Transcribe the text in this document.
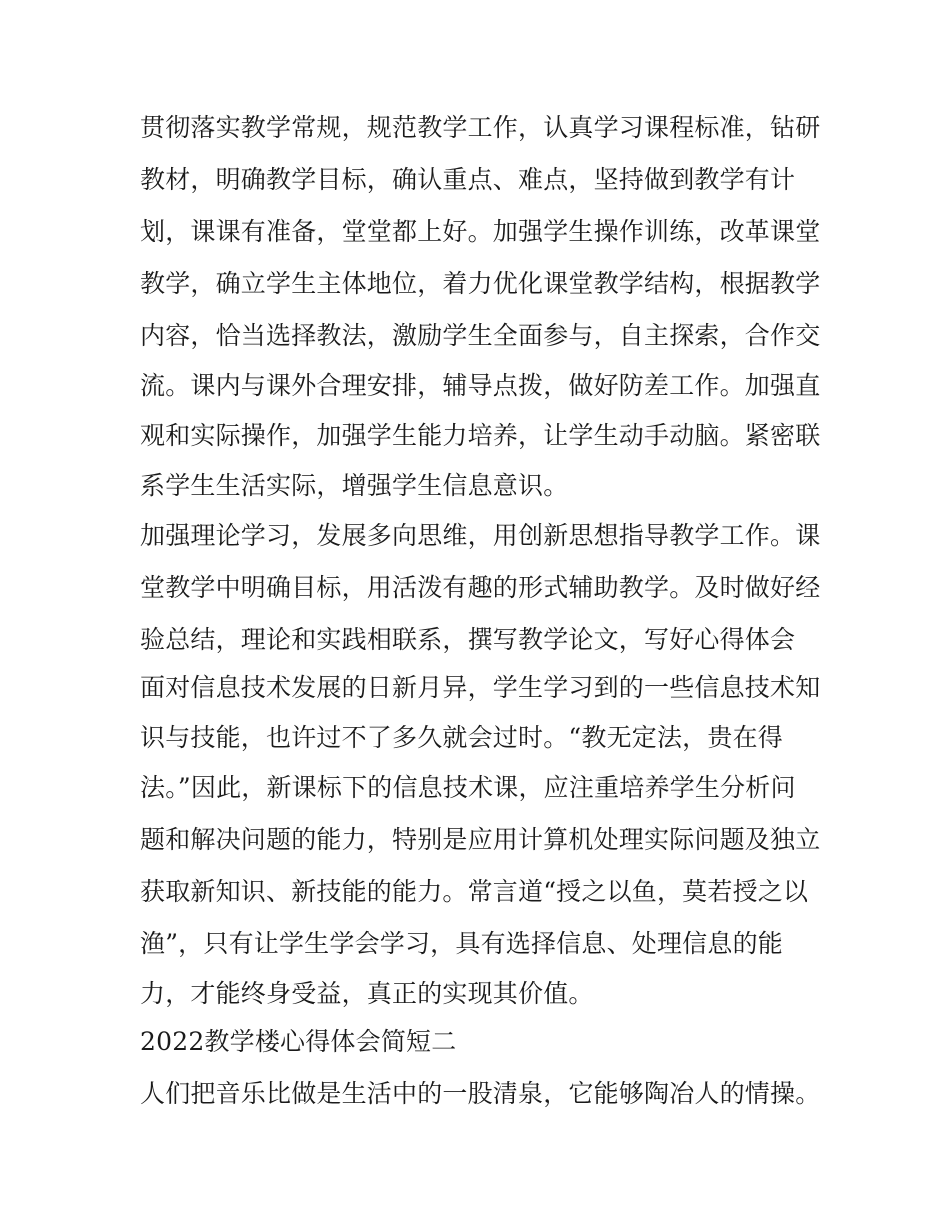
贯彻落实教学常规，规范教学工作，认真学习课程标准，钻研
教材，明确教学目标，确认重点、难点，坚持做到教学有计
划，课课有准备，堂堂都上好。加强学生操作训练，改革课堂
教学，确立学生主体地位，着力优化课堂教学结构，根据教学
内容，恰当选择教法，激励学生全面参与，自主探索，合作交
流。课内与课外合理安排，辅导点拨，做好防差工作。加强直
观和实际操作，加强学生能力培养，让学生动手动脑。紧密联
系学生生活实际，增强学生信息意识。
加强理论学习，发展多向思维，用创新思想指导教学工作。课
堂教学中明确目标，用活泼有趣的形式辅助教学。及时做好经
验总结，理论和实践相联系，撰写教学论文，写好心得体会
面对信息技术发展的日新月异，学生学习到的一些信息技术知
识与技能，也许过不了多久就会过时。“教无定法，贵在得
法。”因此，新课标下的信息技术课，应注重培养学生分析问
题和解决问题的能力，特别是应用计算机处理实际问题及独立
获取新知识、新技能的能力。常言道“授之以鱼，莫若授之以
渔”，只有让学生学会学习，具有选择信息、处理信息的能
力，才能终身受益，真正的实现其价值。
2022教学楼心得体会简短二
人们把音乐比做是生活中的一股清泉，它能够陶冶人的情操。
